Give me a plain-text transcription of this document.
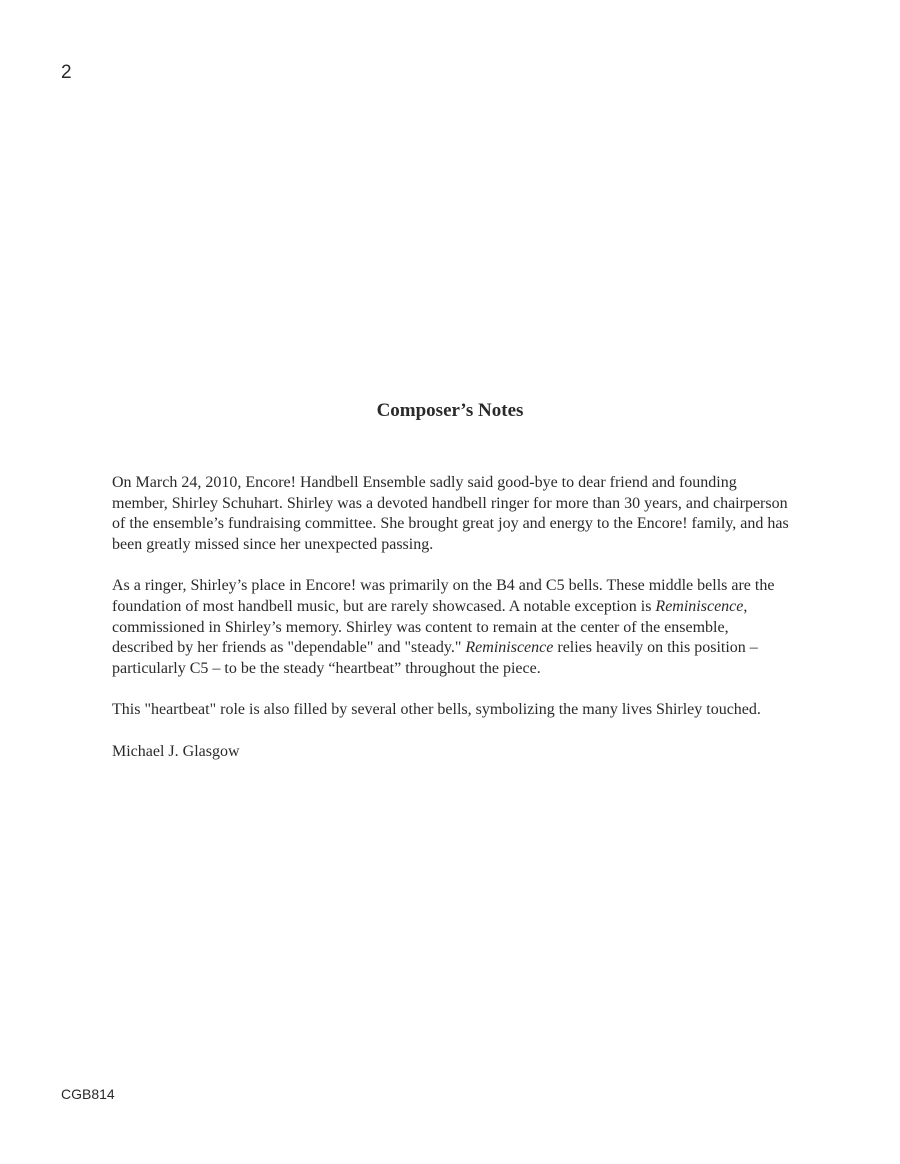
2
Composer’s Notes

On March 24, 2010, Encore! Handbell Ensemble sadly said good-bye to dear friend and founding member, Shirley Schuhart. Shirley was a devoted handbell ringer for more than 30 years, and chairperson of the ensemble’s fundraising committee. She brought great joy and energy to the Encore! family, and has been greatly missed since her unexpected passing.

As a ringer, Shirley’s place in Encore! was primarily on the B4 and C5 bells. These middle bells are the foundation of most handbell music, but are rarely showcased. A notable exception is Reminiscence, commissioned in Shirley’s memory. Shirley was content to remain at the center of the ensemble, described by her friends as "dependable" and "steady." Reminiscence relies heavily on this position – particularly C5 – to be the steady “heartbeat” throughout the piece.

This "heartbeat" role is also filled by several other bells, symbolizing the many lives Shirley touched.

Michael J. Glasgow

CGB814
